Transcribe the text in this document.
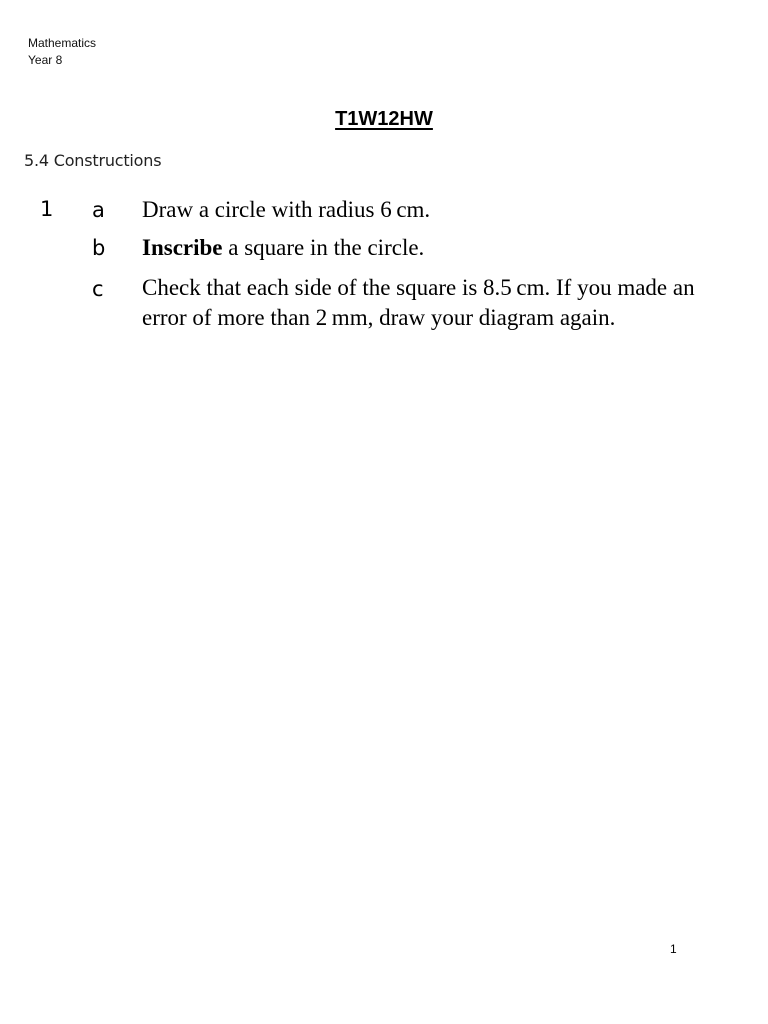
Mathematics
Year 8
T1W12HW
5.4 Constructions
1 a Draw a circle with radius 6 cm.
b Inscribe a square in the circle.
c Check that each side of the square is 8.5 cm. If you made an error of more than 2 mm, draw your diagram again.
1
